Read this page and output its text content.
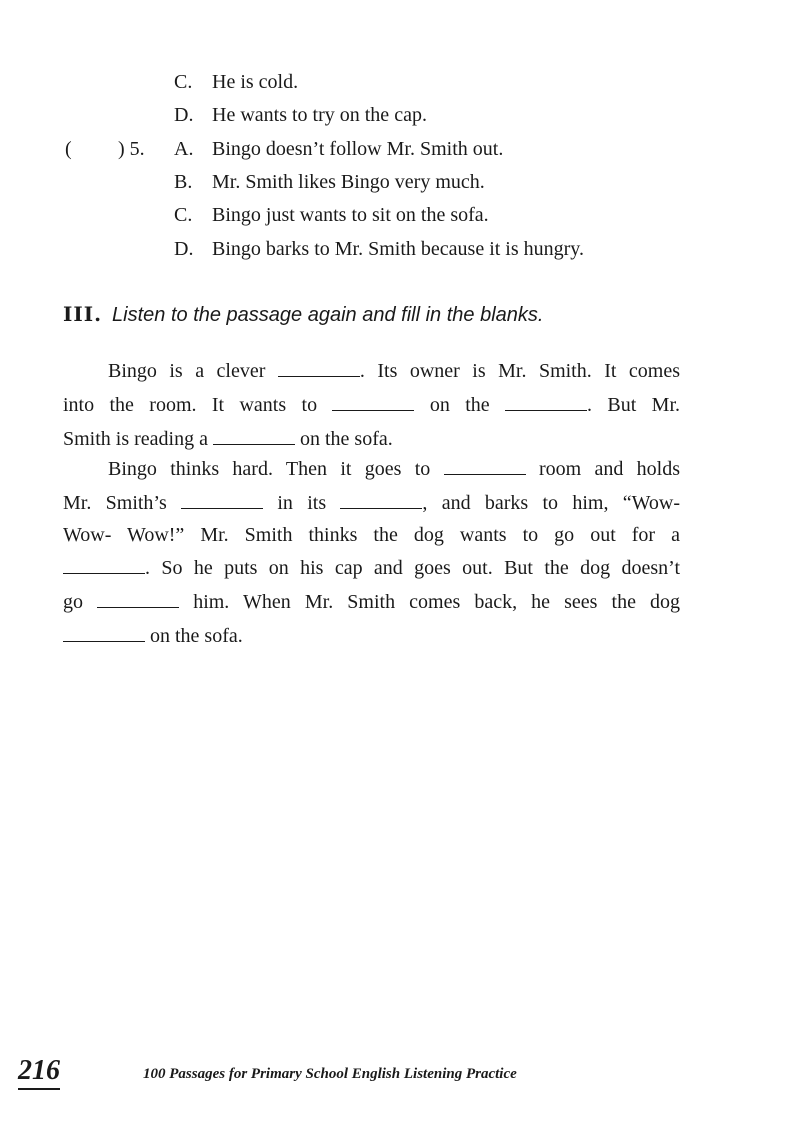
C. He is cold.
D. He wants to try on the cap.
( ) 5. A. Bingo doesn’t follow Mr. Smith out.
B. Mr. Smith likes Bingo very much.
C. Bingo just wants to sit on the sofa.
D. Bingo barks to Mr. Smith because it is hungry.
III. Listen to the passage again and fill in the blanks.
Bingo is a clever	. Its owner is Mr. Smith. It comes
into the room. It wants to	on the	. But Mr.
Smith is reading a	on the sofa.
Bingo thinks hard. Then it goes to	room and holds
Mr. Smith’s	in its	, and barks to him, “Wow-
Wow- Wow!” Mr. Smith thinks the dog wants to go out for a
. So he puts on his cap and goes out. But the dog doesn’t
go	him. When Mr. Smith comes back, he sees the dog
on the sofa.
216	100 Passages for Primary School English Listening Practice
